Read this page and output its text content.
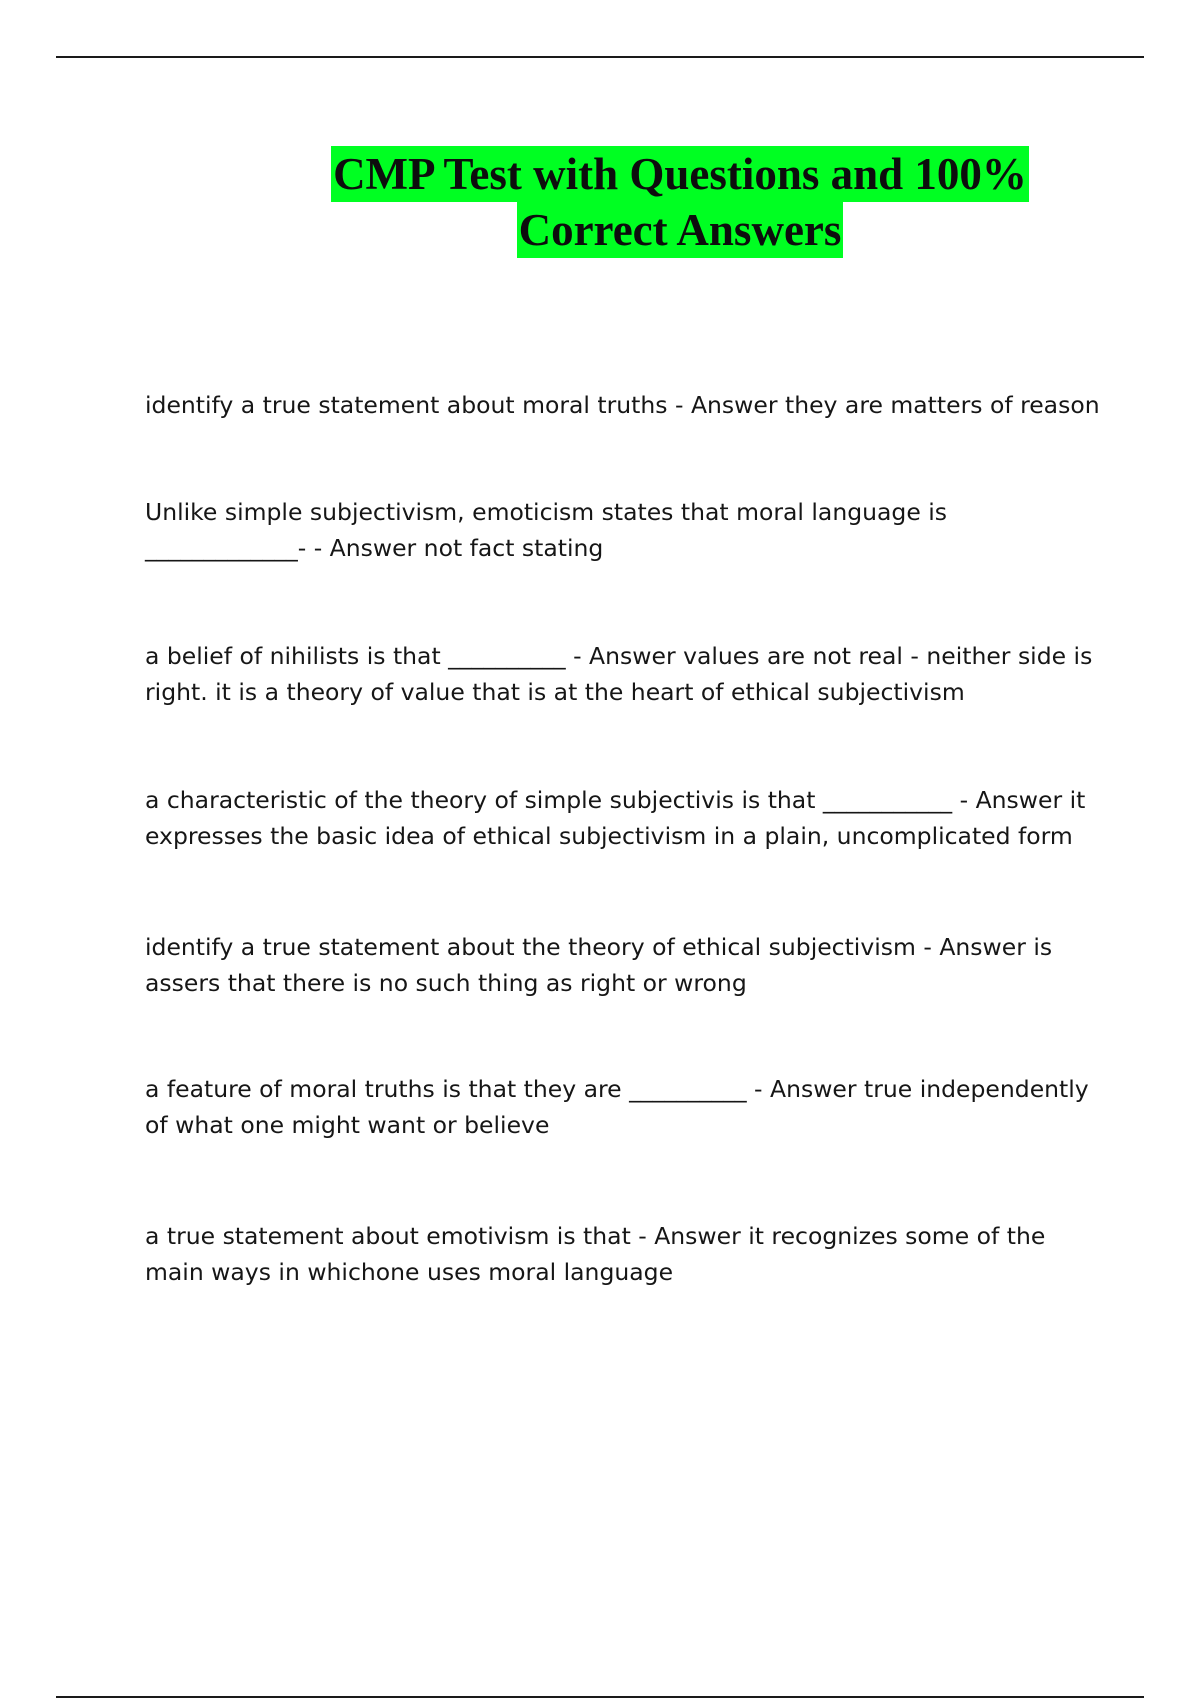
CMP Test with Questions and 100%
Correct Answers

identify a true statement about moral truths - Answer they are matters of reason

Unlike simple subjectivism, emoticism states that moral language is
_____________- - Answer not fact stating

a belief of nihilists is that __________ - Answer values are not real - neither side is
right. it is a theory of value that is at the heart of ethical subjectivism

a characteristic of the theory of simple subjectivis is that ___________ - Answer it
expresses the basic idea of ethical subjectivism in a plain, uncomplicated form

identify a true statement about the theory of ethical subjectivism - Answer is
assers that there is no such thing as right or wrong

a feature of moral truths is that they are __________ - Answer true independently
of what one might want or believe

a true statement about emotivism is that - Answer it recognizes some of the
main ways in whichone uses moral language
